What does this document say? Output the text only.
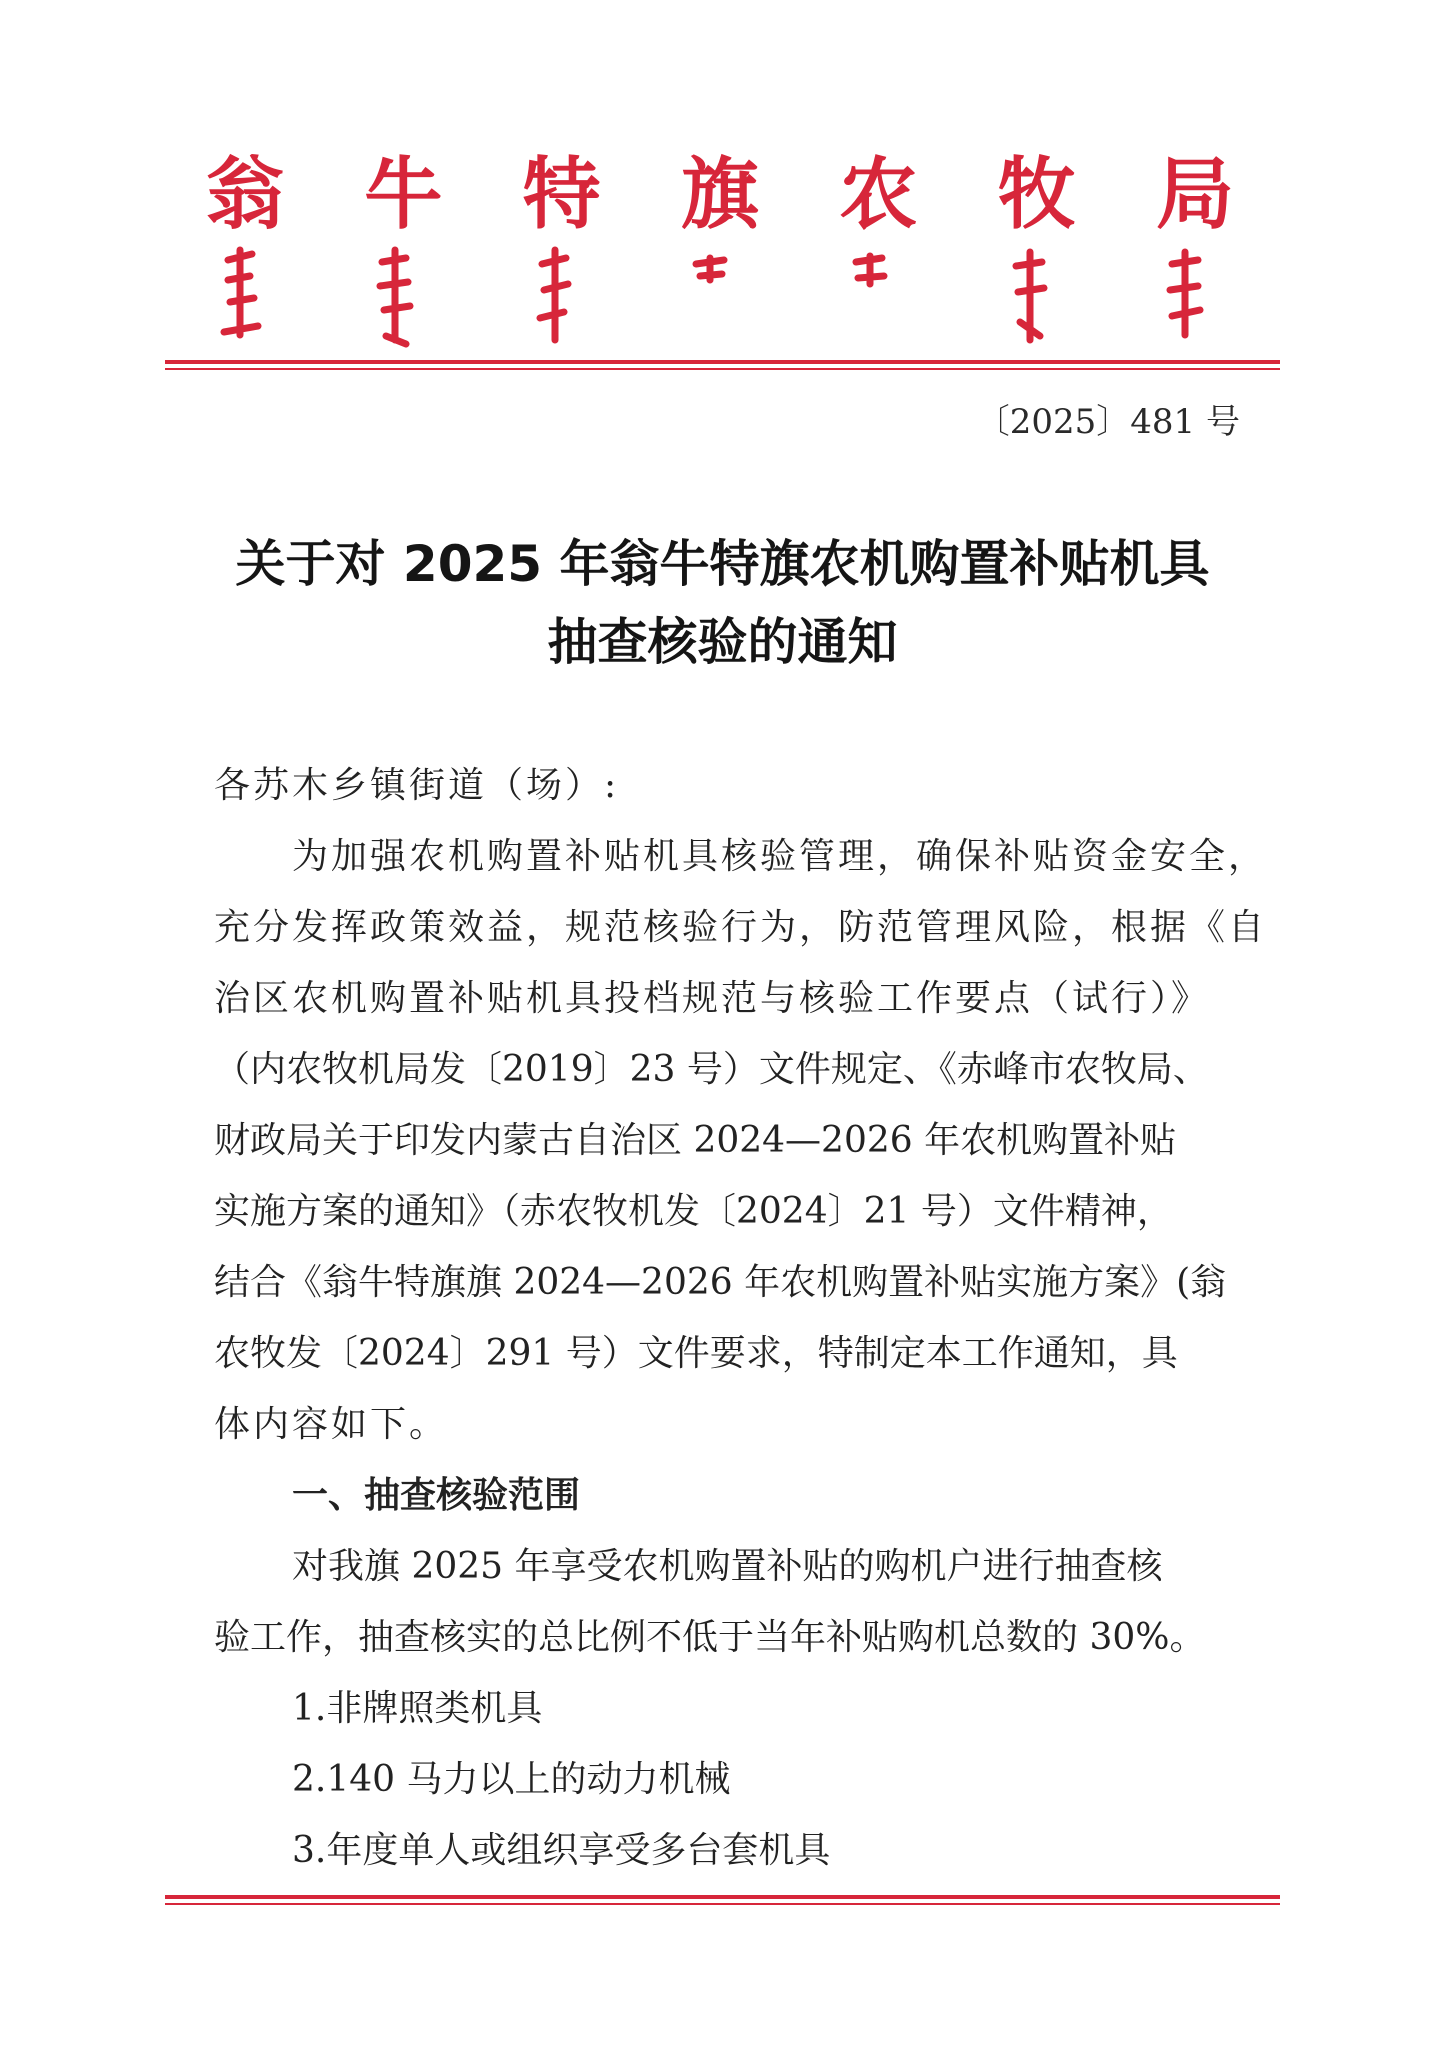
翁 牛 特 旗 农 牧 局
〔2025〕481 号
关于对 2025 年翁牛特旗农机购置补贴机具
抽查核验的通知
各苏木乡镇街道（场）:
为加强农机购置补贴机具核验管理，确保补贴资金安全，
充分发挥政策效益，规范核验行为，防范管理风险，根据《自
治区农机购置补贴机具投档规范与核验工作要点（试行）》
（内农牧机局发〔2019〕23 号）文件规定、《赤峰市农牧局、
财政局关于印发内蒙古自治区 2024—2026 年农机购置补贴
实施方案的通知》（赤农牧机发〔2024〕21 号）文件精神，
结合《翁牛特旗旗 2024—2026 年农机购置补贴实施方案》(翁
农牧发〔2024〕291 号）文件要求，特制定本工作通知，具
体内容如下。
一、抽查核验范围
对我旗 2025 年享受农机购置补贴的购机户进行抽查核
验工作，抽查核实的总比例不低于当年补贴购机总数的 30%。
1.非牌照类机具
2.140 马力以上的动力机械
3.年度单人或组织享受多台套机具
